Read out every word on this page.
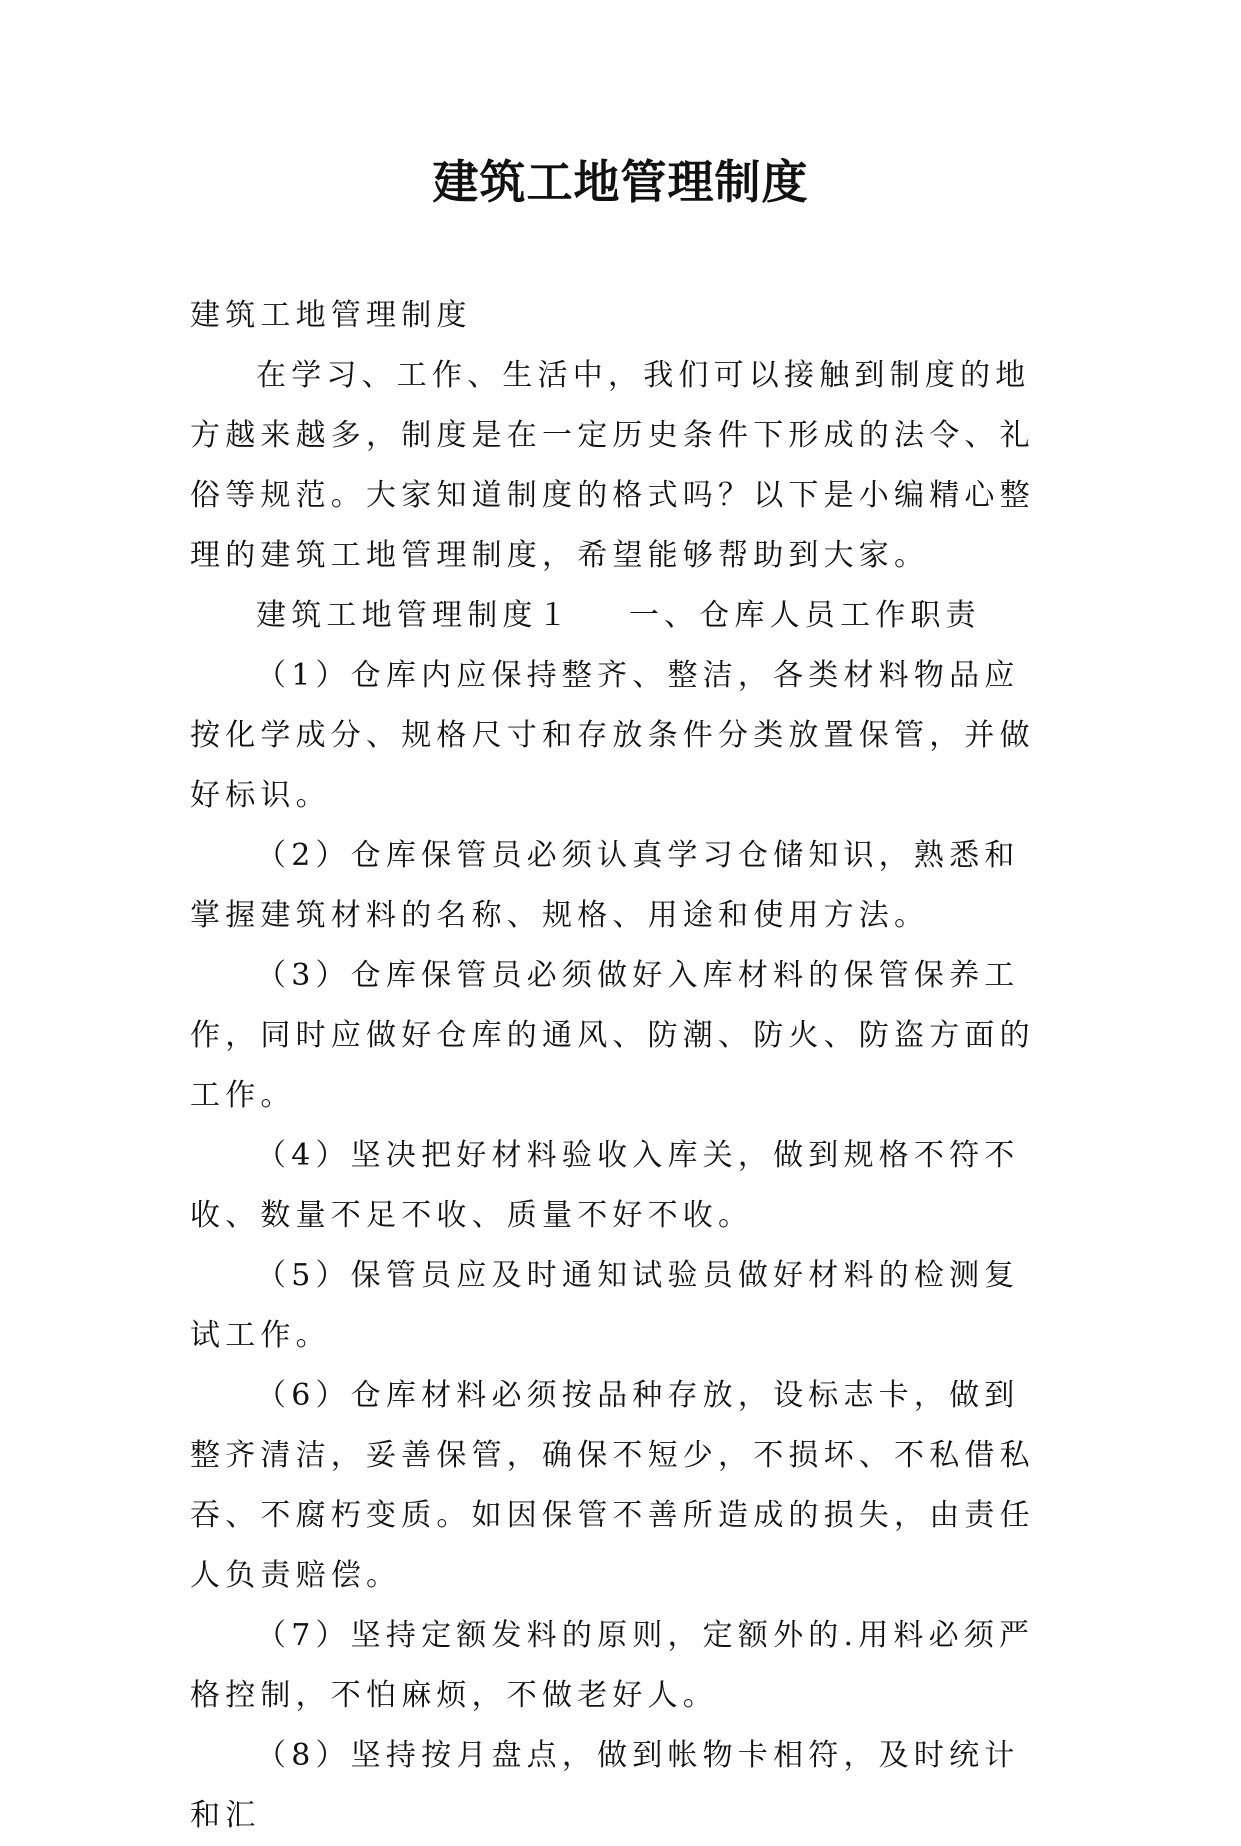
建筑工地管理制度

建筑工地管理制度

在学习、工作、生活中，我们可以接触到制度的地方越来越多，制度是在一定历史条件下形成的法令、礼俗等规范。大家知道制度的格式吗？以下是小编精心整理的建筑工地管理制度，希望能够帮助到大家。

建筑工地管理制度１ 一、仓库人员工作职责

（1）仓库内应保持整齐、整洁，各类材料物品应按化学成分、规格尺寸和存放条件分类放置保管，并做好标识。

（2）仓库保管员必须认真学习仓储知识，熟悉和掌握建筑材料的名称、规格、用途和使用方法。

（3）仓库保管员必须做好入库材料的保管保养工作，同时应做好仓库的通风、防潮、防火、防盗方面的工作。

（4）坚决把好材料验收入库关，做到规格不符不收、数量不足不收、质量不好不收。

（5）保管员应及时通知试验员做好材料的检测复试工作。

（6）仓库材料必须按品种存放，设标志卡，做到整齐清洁，妥善保管，确保不短少，不损坏、不私借私吞、不腐朽变质。如因保管不善所造成的损失，由责任人负责赔偿。

（7）坚持定额发料的原则，定额外的.用料必须严格控制，不怕麻烦，不做老好人。

（8）坚持按月盘点，做到帐物卡相符，及时统计和汇
